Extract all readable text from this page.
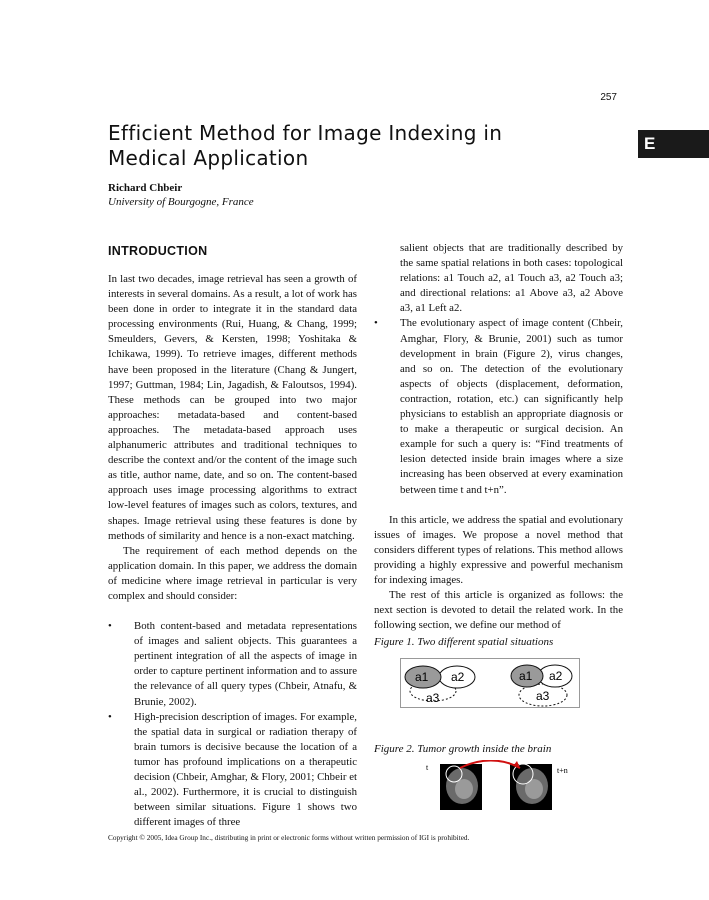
257
E
Efficient Method for Image Indexing in
Medical Application
Richard Chbeir
University of Bourgogne, France
INTRODUCTION

In last two decades, image retrieval has seen a growth of interests in several domains. As a result, a lot of work has been done in order to integrate it in the standard data processing environments (Rui, Huang, & Chang, 1999; Smeulders, Gevers, & Kersten, 1998; Yoshitaka & Ichikawa, 1999). To retrieve images, different methods have been proposed in the literature (Chang & Jungert, 1997; Guttman, 1984; Lin, Jagadish, & Faloutsos, 1994). These methods can be grouped into two major approaches: metadata-based and content-based approaches. The metadata-based approach uses alphanumeric attributes and traditional techniques to describe the context and/or the content of the image such as title, author name, date, and so on. The content-based approach uses image processing algorithms to extract low-level features of images such as colors, textures, and shapes. Image retrieval using these features is done by methods of similarity and hence is a non-exact matching.

The requirement of each method depends on the application domain. In this paper, we address the domain of medicine where image retrieval in particular is very complex and should consider:

• Both content-based and metadata representations of images and salient objects. This guarantees a pertinent integration of all the aspects of image in order to capture pertinent information and to assure the relevance of all query types (Chbeir, Atnafu, & Brunie, 2002).
• High-precision description of images. For example, the spatial data in surgical or radiation therapy of brain tumors is decisive because the location of a tumor has profound implications on a therapeutic decision (Chbeir, Amghar, & Flory, 2001; Chbeir et al., 2002). Furthermore, it is crucial to distinguish between similar situations. Figure 1 shows two different images of three

salient objects that are traditionally described by the same spatial relations in both cases: topological relations: a1 Touch a2, a1 Touch a3, a2 Touch a3; and directional relations: a1 Above a3, a2 Above a3, a1 Left a2.

• The evolutionary aspect of image content (Chbeir, Amghar, Flory, & Brunie, 2001) such as tumor development in brain (Figure 2), virus changes, and so on. The detection of the evolutionary aspects of objects (displacement, deformation, contraction, rotation, etc.) can significantly help physicians to establish an appropriate diagnosis or to make a therapeutic or surgical decision. An example for such a query is: “Find treatments of lesion detected inside brain images where a size increasing has been observed at every examination between time t and t+n”.

In this article, we address the spatial and evolutionary issues of images. We propose a novel method that considers different types of relations. This method allows providing a highly expressive and powerful mechanism for indexing images.

The rest of this article is organized as follows: the next section is devoted to detail the related work. In the following section, we define our method of

Figure 1. Two different spatial situations
a1 a2
a3
a1 a2
a3
Figure 2. Tumor growth inside the brain
t	t+n
Copyright © 2005, Idea Group Inc., distributing in print or electronic forms without written permission of IGI is prohibited.
